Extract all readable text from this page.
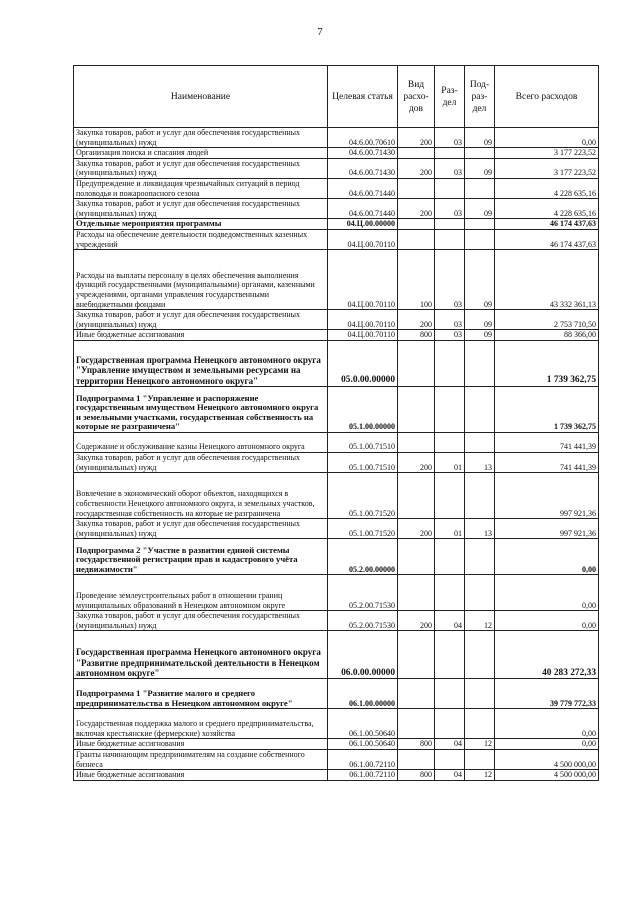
7
Наименование	Целевая статья	Вид расхо-дов	Раз-дел	Под-раз-дел	Всего расходов
Закупка товаров, работ и услуг для обеспечения государственных (муниципальных) нужд	04.6.00.70610	200	03	09	0,00
Организация поиска и спасания людей	04.6.00.71430				3 177 223,52
Закупка товаров, работ и услуг для обеспечения государственных (муниципальных) нужд	04.6.00.71430	200	03	09	3 177 223,52
Предупреждение и ликвидация чрезвычайных ситуаций в период половодья и пожароопасного сезона	04.6.00.71440				4 228 635,16
Закупка товаров, работ и услуг для обеспечения государственных (муниципальных) нужд	04.6.00.71440	200	03	09	4 228 635,16
Отдельные мероприятия программы	04.Ц.00.00000				46 174 437,63
Расходы на обеспечение деятельности подведомственных казенных учреждений	04.Ц.00.70110				46 174 437,63
Расходы на выплаты персоналу в целях обеспечения выполнения функций государственными (муниципальными) органами, казенными учреждениями, органами управления государственными внебюджетными фондами	04.Ц.00.70110	100	03	09	43 332 361,13
Закупка товаров, работ и услуг для обеспечения государственных (муниципальных) нужд	04.Ц.00.70110	200	03	09	2 753 710,50
Иные бюджетные ассигнования	04.Ц.00.70110	800	03	09	88 366,00
Государственная программа Ненецкого автономного округа "Управление имуществом и земельными ресурсами на территории Ненецкого автономного округа"	05.0.00.00000				1 739 362,75
Подпрограмма 1 "Управление и распоряжение государственным имуществом Ненецкого автономного округа и земельными участками, государственная собственность на которые не разграничена"	05.1.00.00000				1 739 362,75
Содержание и обслуживание казны Ненецкого автономного округа	05.1.00.71510				741 441,39
Закупка товаров, работ и услуг для обеспечения государственных (муниципальных) нужд	05.1.00.71510	200	01	13	741 441,39
Вовлечение в экономический оборот объектов, находящихся в собственности Ненецкого автономного округа, и земельных участков, государственная собственность на которые не разграничена	05.1.00.71520				997 921,36
Закупка товаров, работ и услуг для обеспечения государственных (муниципальных) нужд	05.1.00.71520	200	01	13	997 921,36
Подпрограмма 2 "Участие в развитии единой системы государственной регистрации прав и кадастрового учёта недвижимости"	05.2.00.00000				0,00
Проведение землеустроительных работ в отношении границ муниципальных образований в Ненецком автономном округе	05.2.00.71530				0,00
Закупка товаров, работ и услуг для обеспечения государственных (муниципальных) нужд	05.2.00.71530	200	04	12	0,00
Государственная программа Ненецкого автономного округа "Развитие предпринимательской деятельности в Ненецком автономном округе"	06.0.00.00000				40 283 272,33
Подпрограмма 1 "Развитие малого и среднего предпринимательства в Ненецком автономном округе"	06.1.00.00000				39 779 772,33
Государственная поддержка малого и среднего предпринимательства, включая крестьянские (фермерские) хозяйства	06.1.00.50640				0,00
Иные бюджетные ассигнования	06.1.00.50640	800	04	12	0,00
Гранты начинающим предпринимателям на создание собственного бизнеса	06.1.00.72110				4 500 000,00
Иные бюджетные ассигнования	06.1.00.72110	800	04	12	4 500 000,00
